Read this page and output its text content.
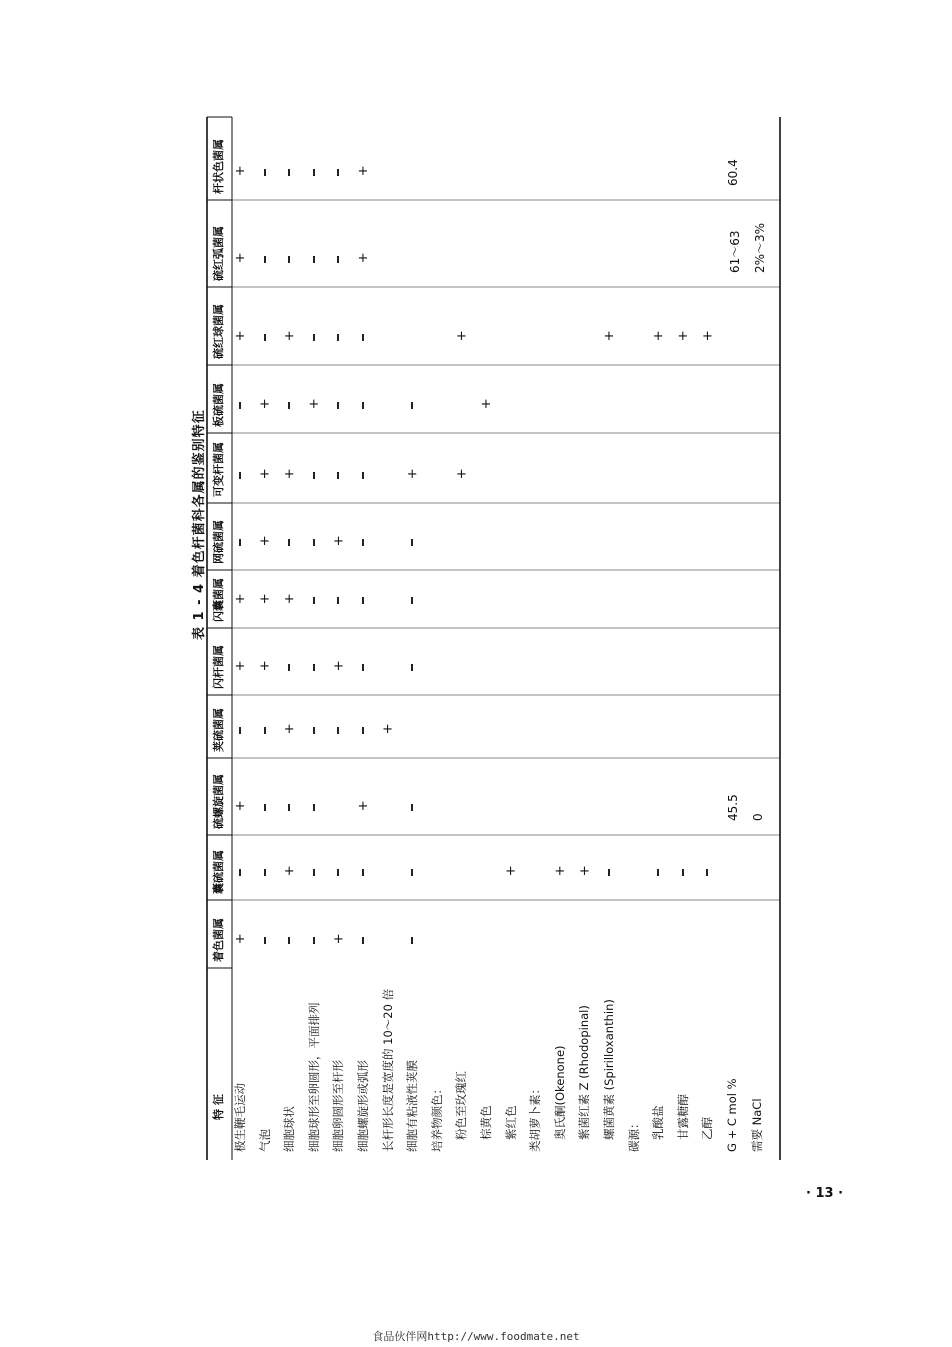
表 1 - 4 着色杆菌科各属的鉴别特征
特 征
着色菌属
囊硫菌属
硫螺旋菌属
荚硫菌属
闪杆菌属
闪囊菌属
网硫菌属
可变杆菌属
板硫菌属
硫红球菌属
硫红弧菌属
杆状色菌属
极生鞭毛运动
+
+
+
+
+
+
+
气泡
+
+
+
+
+
细胞球状
+
+
+
+
+
细胞球形至卵圆形，平面排列
+
细胞卵圆形至杆形
+
+
+
细胞螺旋形或弧形
+
+
+
长杆形长度是宽度的 10～20 倍
+
细胞有粘液性荚膜
+
培养物颜色： 粉色至玫瑰红
+
+
棕黄色
+
紫红色
+
类胡萝卜素： 奥氏酮(Okenone)
+
紫菌红素 Z (Rhodopinal)
+
螺菌黄素 (Spirilloxanthin)
+
碳源： 乳酸盐
+
甘露糖醇
+
乙醇
+
G + C mol %
45.5
61～63
60.4
需要 NaCl
0
2%～3%
· 13 ·
食品伙伴网http://www.foodmate.net
